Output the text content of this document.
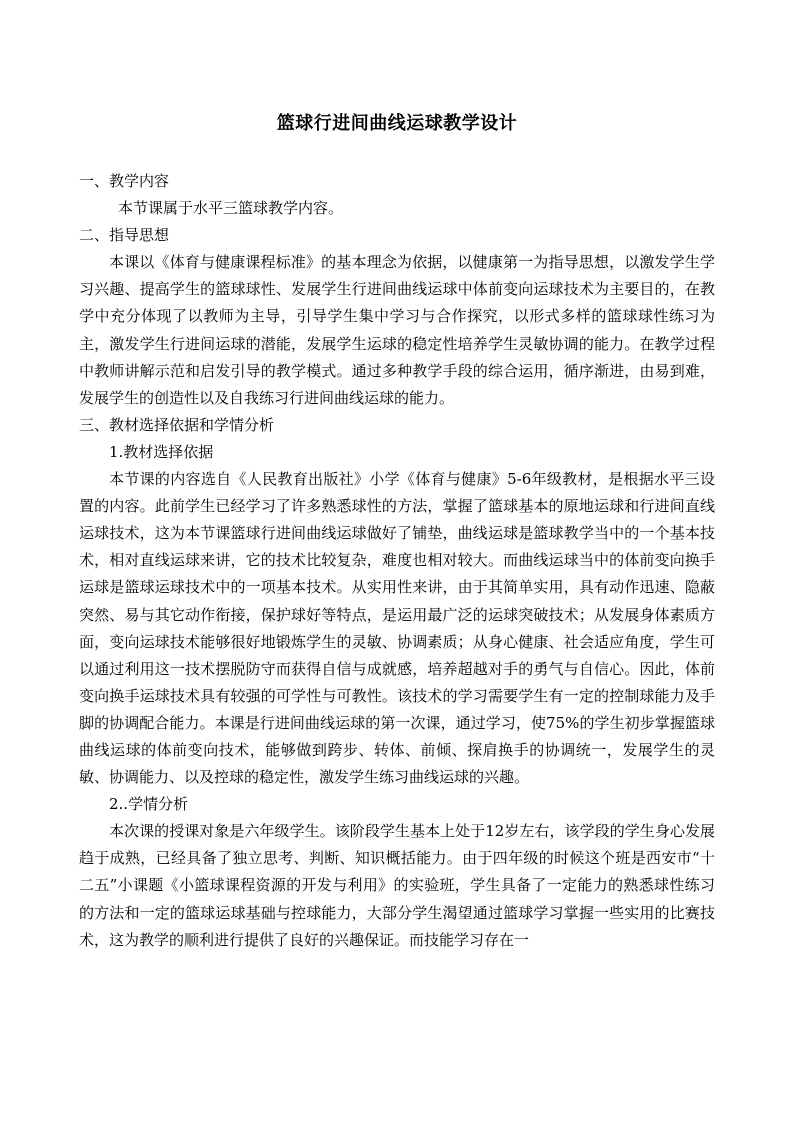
篮球行进间曲线运球教学设计

一、教学内容

本节课属于水平三篮球教学内容。

二、指导思想

本课以《体育与健康课程标准》的基本理念为依据，以健康第一为指导思想，以激发学生学习兴趣、提高学生的篮球球性、发展学生行进间曲线运球中体前变向运球技术为主要目的，在教学中充分体现了以教师为主导，引导学生集中学习与合作探究，以形式多样的篮球球性练习为主，激发学生行进间运球的潜能，发展学生运球的稳定性培养学生灵敏协调的能力。在教学过程中教师讲解示范和启发引导的教学模式。通过多种教学手段的综合运用，循序渐进，由易到难，发展学生的创造性以及自我练习行进间曲线运球的能力。

三、教材选择依据和学情分析

1.教材选择依据

本节课的内容选自《人民教育出版社》小学《体育与健康》5-6年级教材，是根据水平三设置的内容。此前学生已经学习了许多熟悉球性的方法，掌握了篮球基本的原地运球和行进间直线运球技术，这为本节课篮球行进间曲线运球做好了铺垫，曲线运球是篮球教学当中的一个基本技术，相对直线运球来讲，它的技术比较复杂，难度也相对较大。而曲线运球当中的体前变向换手运球是篮球运球技术中的一项基本技术。从实用性来讲，由于其简单实用，具有动作迅速、隐蔽突然、易与其它动作衔接，保护球好等特点，是运用最广泛的运球突破技术；从发展身体素质方面，变向运球技术能够很好地锻炼学生的灵敏、协调素质；从身心健康、社会适应角度，学生可以通过利用这一技术摆脱防守而获得自信与成就感，培养超越对手的勇气与自信心。因此，体前变向换手运球技术具有较强的可学性与可教性。该技术的学习需要学生有一定的控制球能力及手脚的协调配合能力。本课是行进间曲线运球的第一次课，通过学习，使75%的学生初步掌握篮球曲线运球的体前变向技术，能够做到跨步、转体、前倾、探肩换手的协调统一，发展学生的灵敏、协调能力、以及控球的稳定性，激发学生练习曲线运球的兴趣。

2..学情分析

本次课的授课对象是六年级学生。该阶段学生基本上处于12岁左右，该学段的学生身心发展趋于成熟，已经具备了独立思考、判断、知识概括能力。由于四年级的时候这个班是西安市“十二五”小课题《小篮球课程资源的开发与利用》的实验班，学生具备了一定能力的熟悉球性练习的方法和一定的篮球运球基础与控球能力，大部分学生渴望通过篮球学习掌握一些实用的比赛技术，这为教学的顺利进行提供了良好的兴趣保证。而技能学习存在一
